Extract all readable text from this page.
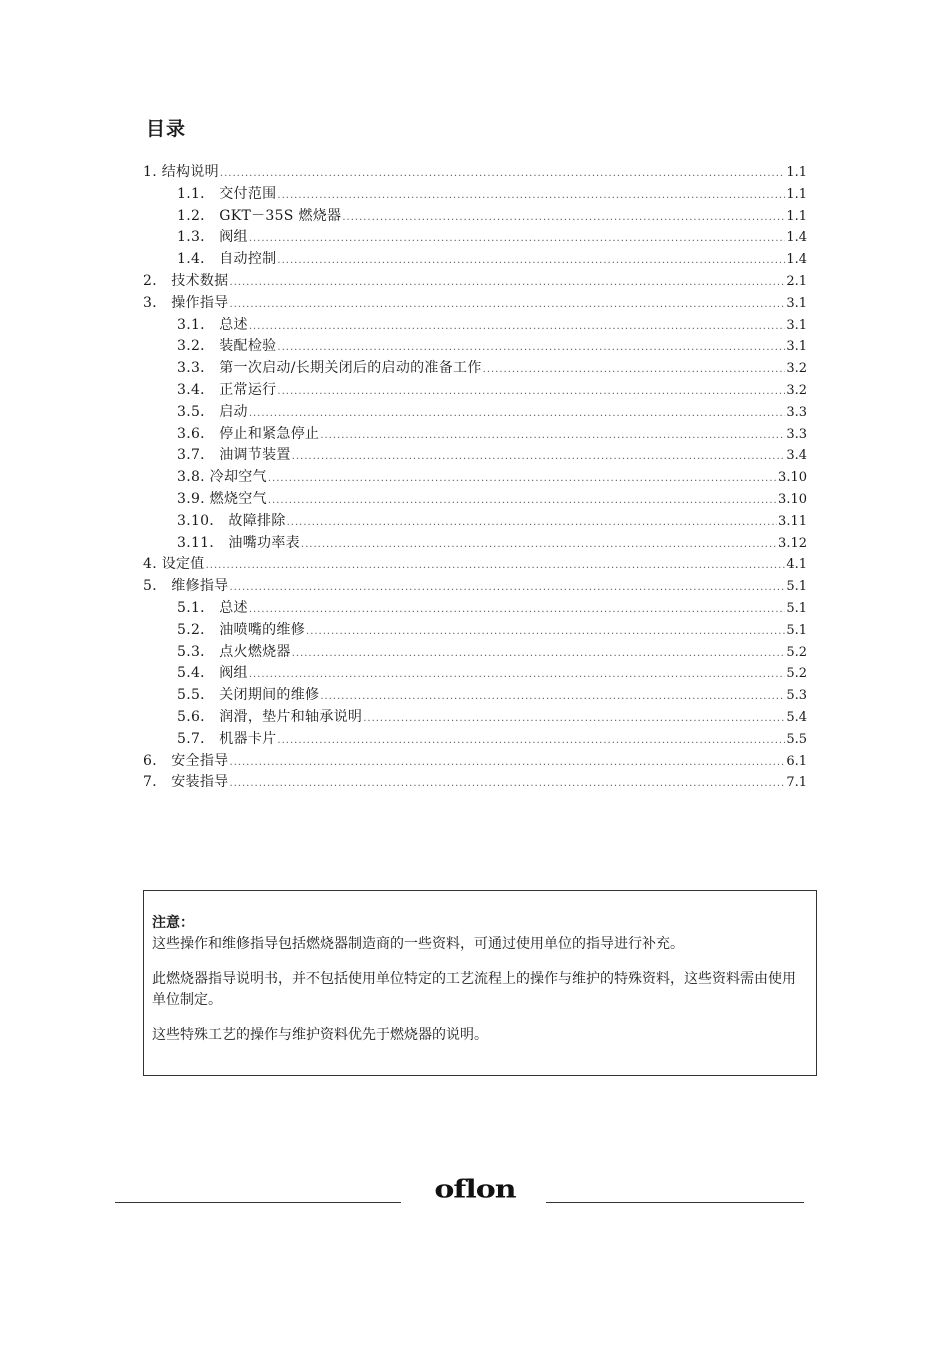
目录
1. 结构说明 .....	1.1
1.1． 交付范围 .....	1.1
1.2． GKT－35S 燃烧器 .....	1.1
1.3． 阀组 .....	1.4
1.4． 自动控制 .....	1.4
2． 技术数据 .....	2.1
3． 操作指导 .....	3.1
3.1． 总述 .....	3.1
3.2． 装配检验 .....	3.1
3.3． 第一次启动/长期关闭后的启动的准备工作 .....	3.2
3.4． 正常运行 .....	3.2
3.5． 启动 .....	3.3
3.6． 停止和紧急停止 .....	3.3
3.7． 油调节装置 .....	3.4
3.8. 冷却空气 .....	3.10
3.9. 燃烧空气 .....	3.10
3.10． 故障排除 .....	3.11
3.11． 油嘴功率表 .....	3.12
4. 设定值 .....	4.1
5． 维修指导 .....	5.1
5.1． 总述 .....	5.1
5.2． 油喷嘴的维修 .....	5.1
5.3． 点火燃烧器 .....	5.2
5.4． 阀组 .....	5.2
5.5． 关闭期间的维修 .....	5.3
5.6． 润滑，垫片和轴承说明 .....	5.4
5.7． 机器卡片 .....	5.5
6． 安全指导 .....	6.1
7． 安装指导 .....	7.1
注意：

这些操作和维修指导包括燃烧器制造商的一些资料，可通过使用单位的指导进行补充。

此燃烧器指导说明书，并不包括使用单位特定的工艺流程上的操作与维护的特殊资料，这些资料需由使用单位制定。

这些特殊工艺的操作与维护资料优先于燃烧器的说明。

oflon
